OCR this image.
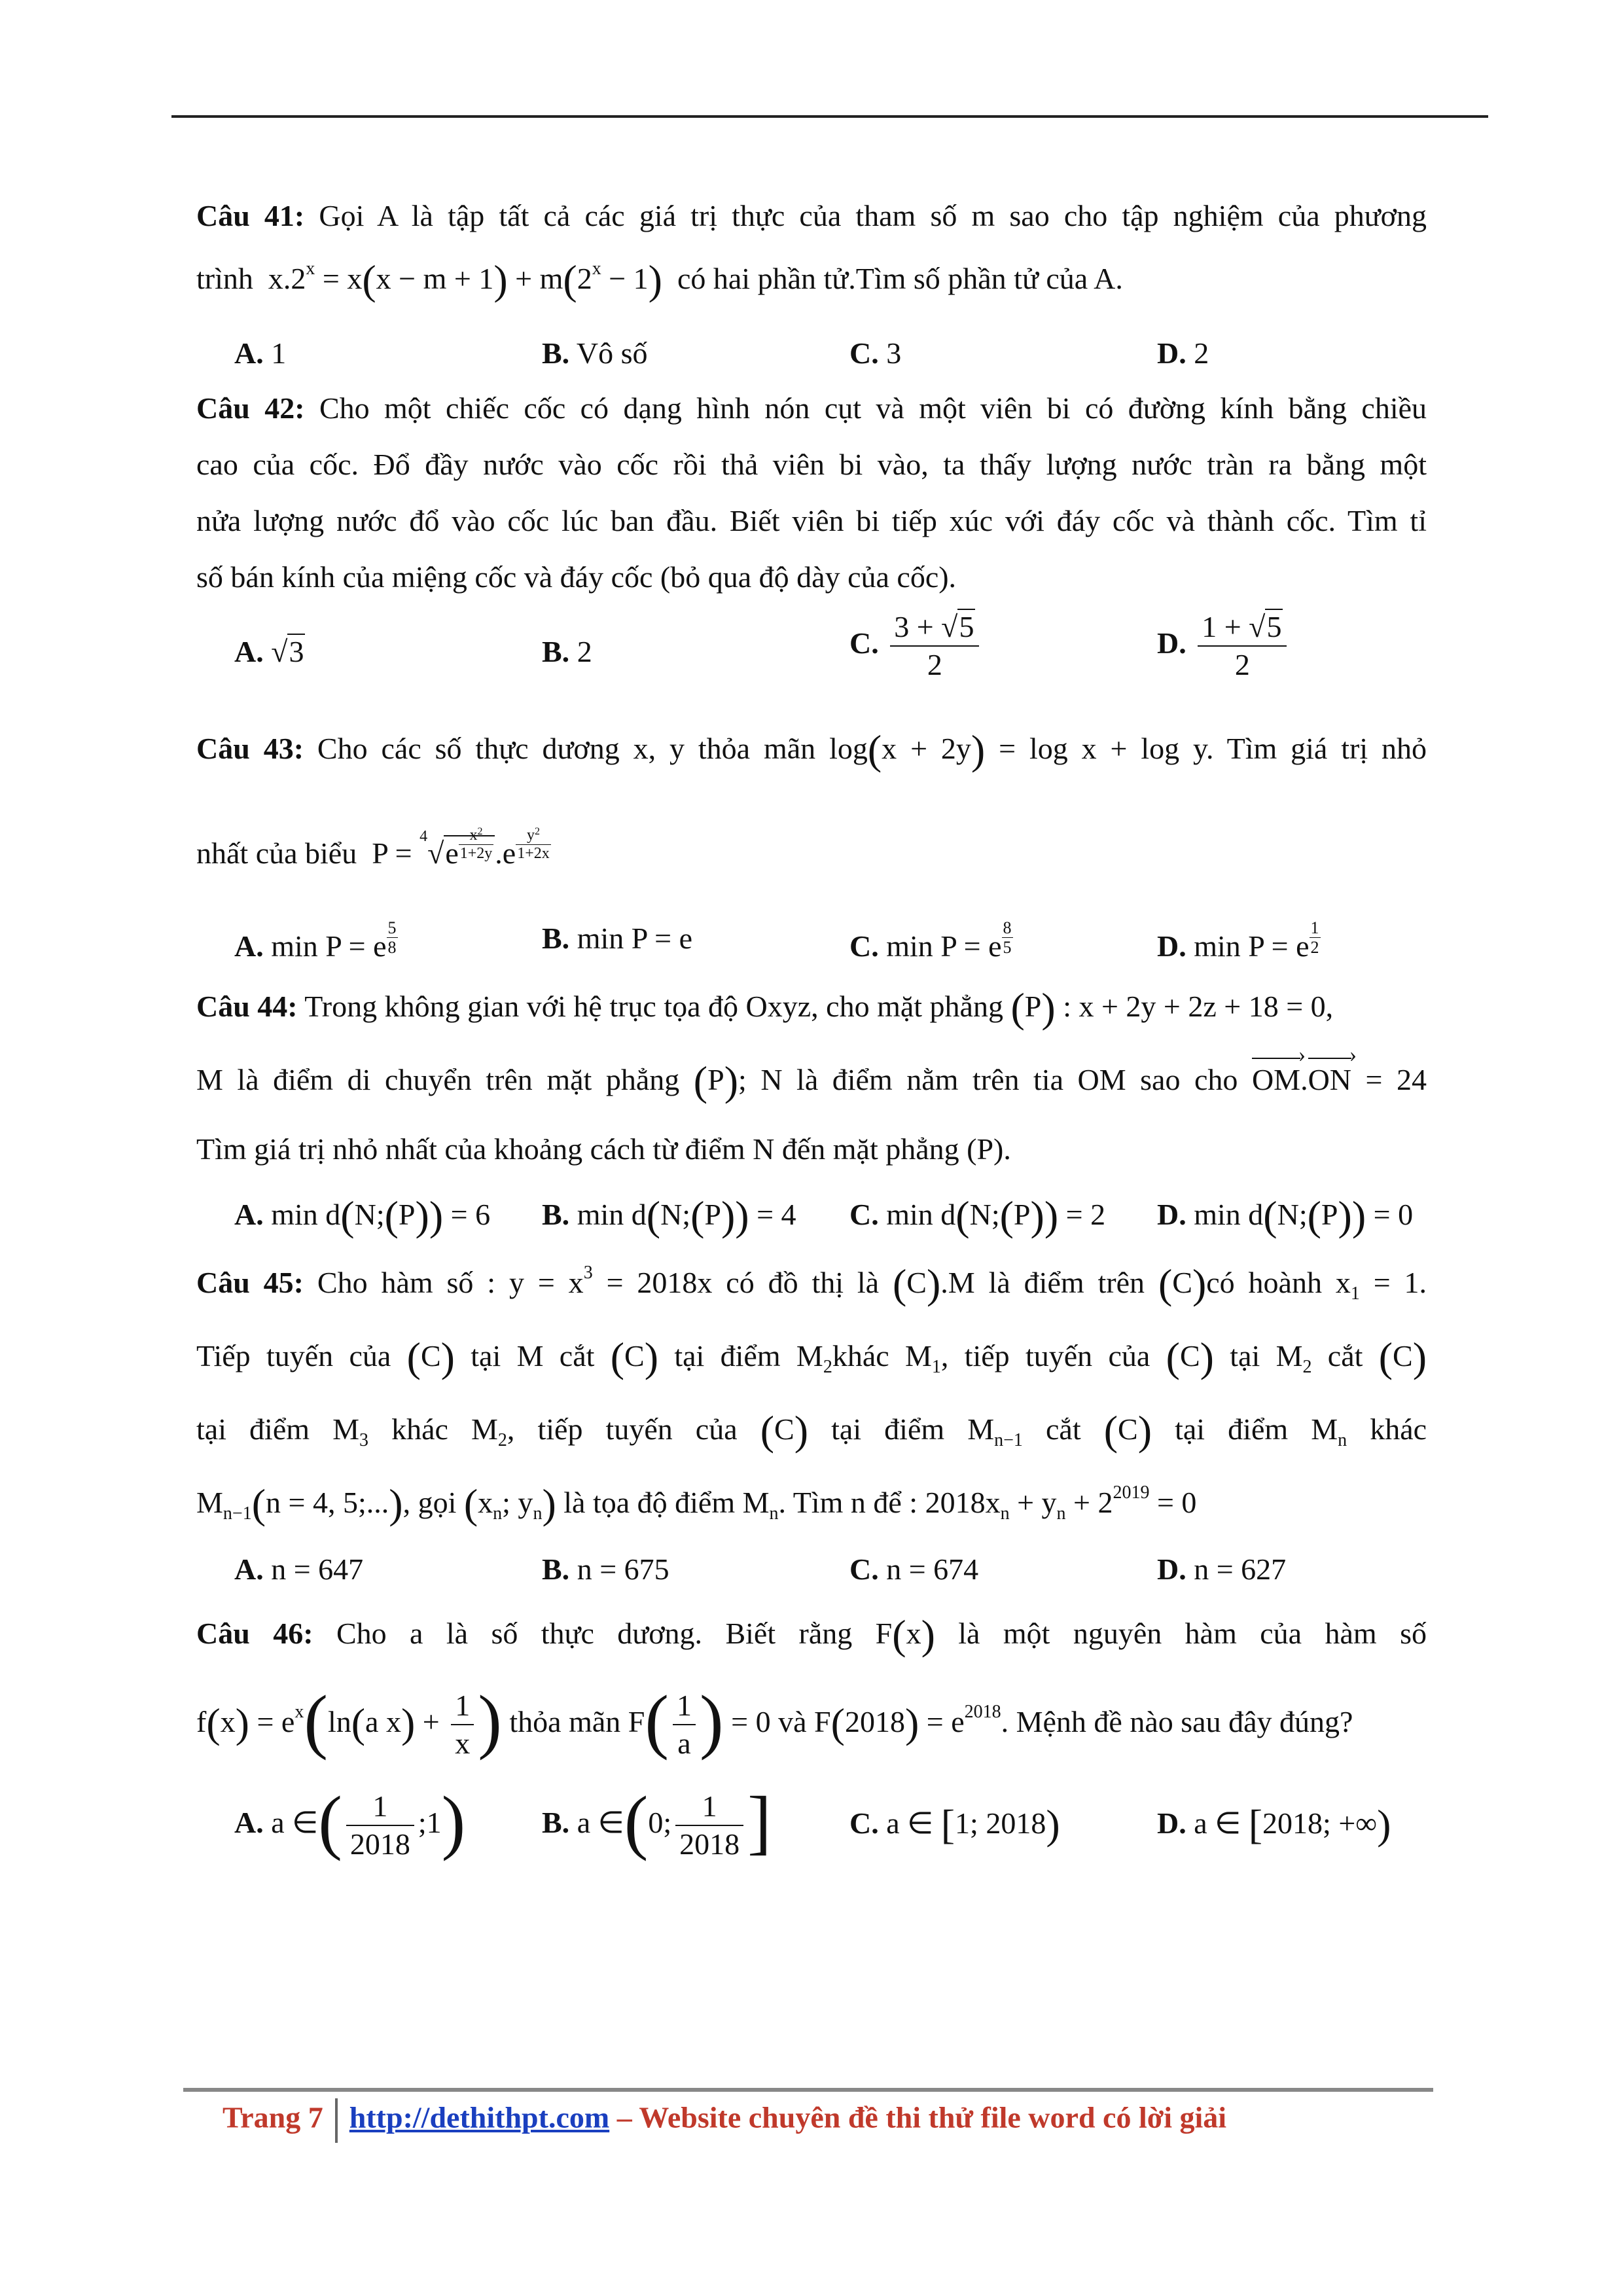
Câu 41: Gọi A là tập tất cả các giá trị thực của tham số m sao cho tập nghiệm của phương
trình  $x.2^x = x(x - m + 1) + m(2^x - 1)$ có hai phần tử.Tìm số phần tử của A.
A. 1	B. Vô số	C. 3	D. 2
Câu 42: Cho một chiếc cốc có dạng hình nón cụt và một viên bi có đường kính bằng chiều
cao của cốc. Đổ đầy nước vào cốc rồi thả viên bi vào, ta thấy lượng nước tràn ra bằng một
nửa lượng nước đổ vào cốc lúc ban đầu. Biết viên bi tiếp xúc với đáy cốc và thành cốc. Tìm tỉ
số bán kính của miệng cốc và đáy cốc (bỏ qua độ dày của cốc).
A. √3	B. 2	C. $\frac{3 + √5}{2}$	D. $\frac{1 + √5}{2}$
Câu 43: Cho các số thực dương x, y thỏa mãn log(x + 2y) = log x + log y. Tìm giá trị nhỏ
nhất của biểu  P = $^4$√e $^{\frac{x^2}{1+2y}}$ .e $^{\frac{y^2}{1+2x}}$
A. min P = e $^{\frac{5}{8}}$	B. min P = e	C. min P = e $^{\frac{8}{5}}$	D. min P = e $^{\frac{1}{2}}$
Câu 44: Trong không gian với hệ trục tọa độ Oxyz, cho mặt phẳng (P) : x + 2y + 2z + 18 = 0,
M là điểm di chuyển trên mặt phẳng (P); N là điểm nằm trên tia OM sao cho OM ›.ON › = 24
Tìm giá trị nhỏ nhất của khoảng cách từ điểm N đến mặt phẳng (P).
A. min d(N;(P)) = 6 B. min d(N;(P)) = 4 C. min d(N;(P)) = 2 D. min d(N;(P)) = 0
Câu 45: Cho hàm số : $y = x^3 = 2018x$ có đồ thị là (C).M là điểm trên (C)có hoành $x_1 = 1$.
Tiếp tuyến của (C) tại M cắt (C) tại điểm $M_2khác$ $M_1$, tiếp tuyến của (C) tại $M_2$ cắt (C)
tại điểm $M_3$ khác $M_2$, tiếp tuyến của (C) tại điểm $M_{n-1}$ cắt (C) tại điểm $M_n$ khác
$M_{n-1}(n = 4$, 5;...), gọi ($x_n$; $y_n$) là tọa độ điểm $M_n$. Tìm n để : $2018x_n + y_n + 2^{2019} = 0$
A. n = 647	B. n = 675	C. n = 674	D. n = 627
Câu 46: Cho a là số thực dương. Biết rằng F(x) là một nguyên hàm của hàm số
$f(x) = e^x(\ln(a$ $x) + \frac{1}{x}$ ) thỏa mãn $F( \frac{1}{a}$ ) = 0 và $F(2018) = e^{2018}$. Mệnh đề nào sau đây đúng?
A. a ∈( $\frac{1}{2018}$ ;1)	B. a ∈(0; $\frac{1}{2018}$ ]	C. a ∈ [1; 2018)	D. a ∈ [2018; +∞)
Trang 7 http://dethithpt.com – Website chuyên đề thi thử file word có lời giải
